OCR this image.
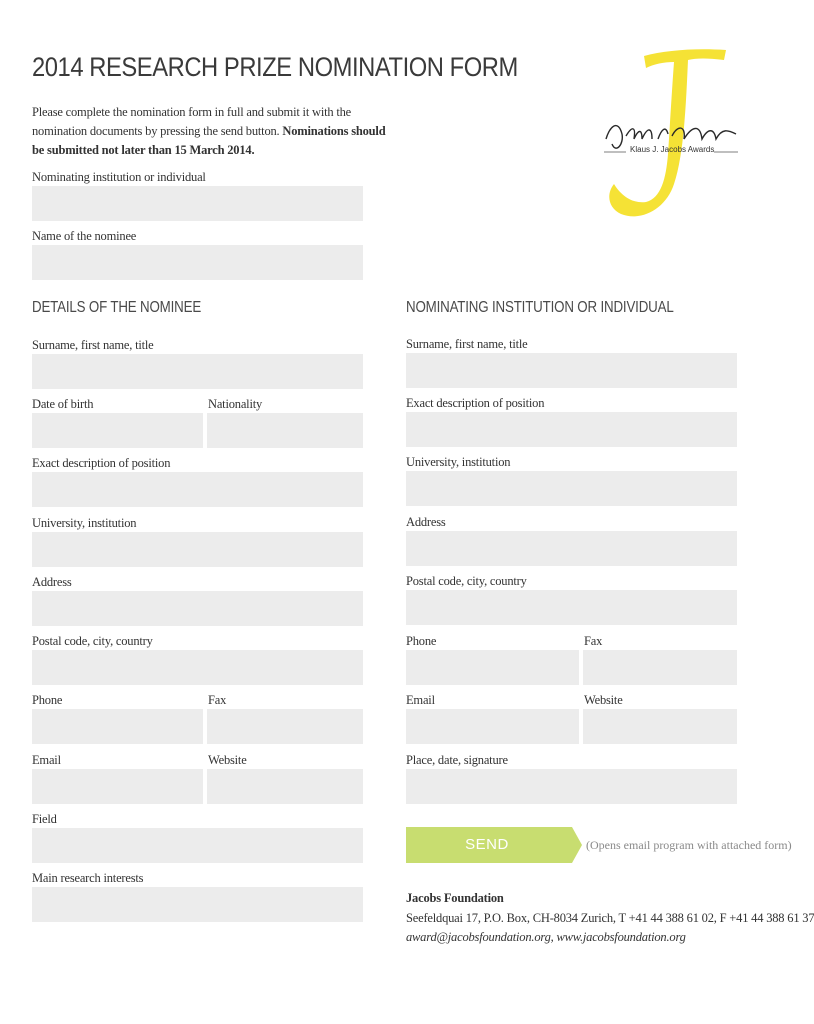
2014 RESEARCH PRIZE NOMINATION FORM
Please complete the nomination form in full and submit it with the nomination documents by pressing the send button. Nominations should be submitted not later than 15 March 2014.	Klaus J. Jacobs Awards
Nominating institution or individual
Name of the nominee
DETAILS OF THE NOMINEE	NOMINATING INSTITUTION OR INDIVIDUAL
Surname, first name, title
Date of birth	Nationality
Exact description of position
University, institution
Address
Postal code, city, country
Phone	Fax
Email	Website
Field
Main research interests
Surname, first name, title
Exact description of position
University, institution
Address
Postal code, city, country
Phone	Fax
Email	Website
Place, date, signature
SEND	(Opens email program with attached form)
Jacobs Foundation
Seefeldquai 17, P.O. Box, CH-8034 Zurich, T +41 44 388 61 02, F +41 44 388 61 37
award@jacobsfoundation.org, www.jacobsfoundation.org
